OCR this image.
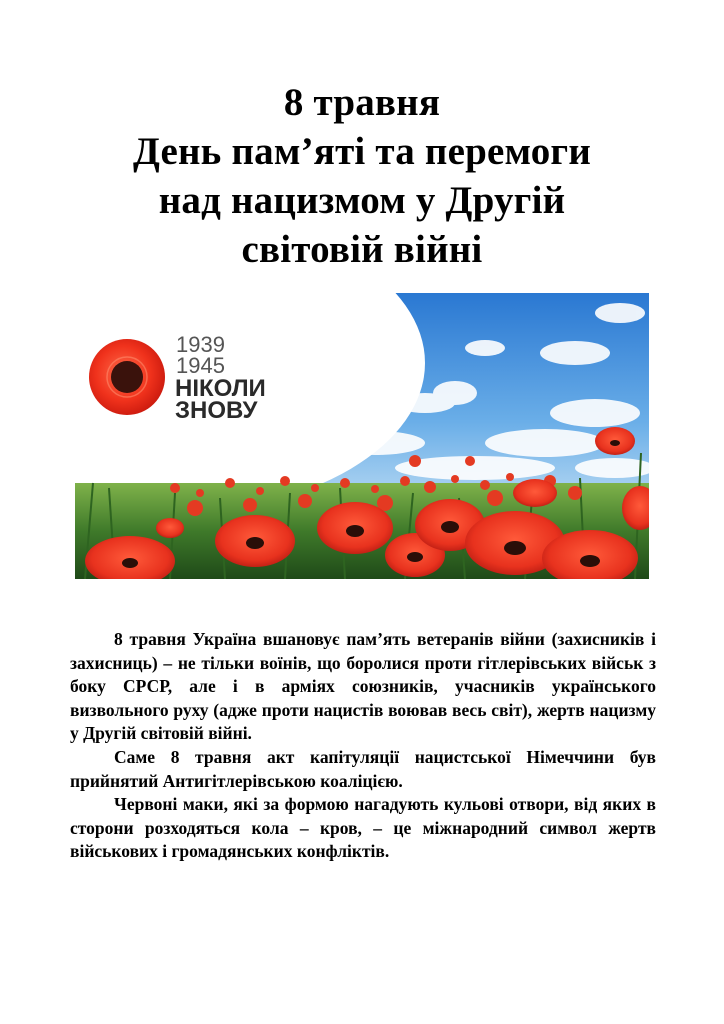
8 травня
День пам’яті та перемоги
над нацизмом у Другій
світовій війні
1939
1945
НІКОЛИ
ЗНОВУ

8 травня Україна вшановує пам’ять ветеранів війни (захисників і захисниць) – не тільки воїнів, що боролися проти гітлерівських військ з боку СРСР, але і в арміях союзників, учасників українського визвольного руху (адже проти нацистів воював весь світ), жертв нацизму у Другій світовій війні.

Саме 8 травня акт капітуляції нацистської Німеччини був прийнятий Антигітлерівською коаліцією.

Червоні маки, які за формою нагадують кульові отвори, від яких в сторони розходяться кола – кров, – це міжнародний символ жертв військових і громадянських конфліктів.
